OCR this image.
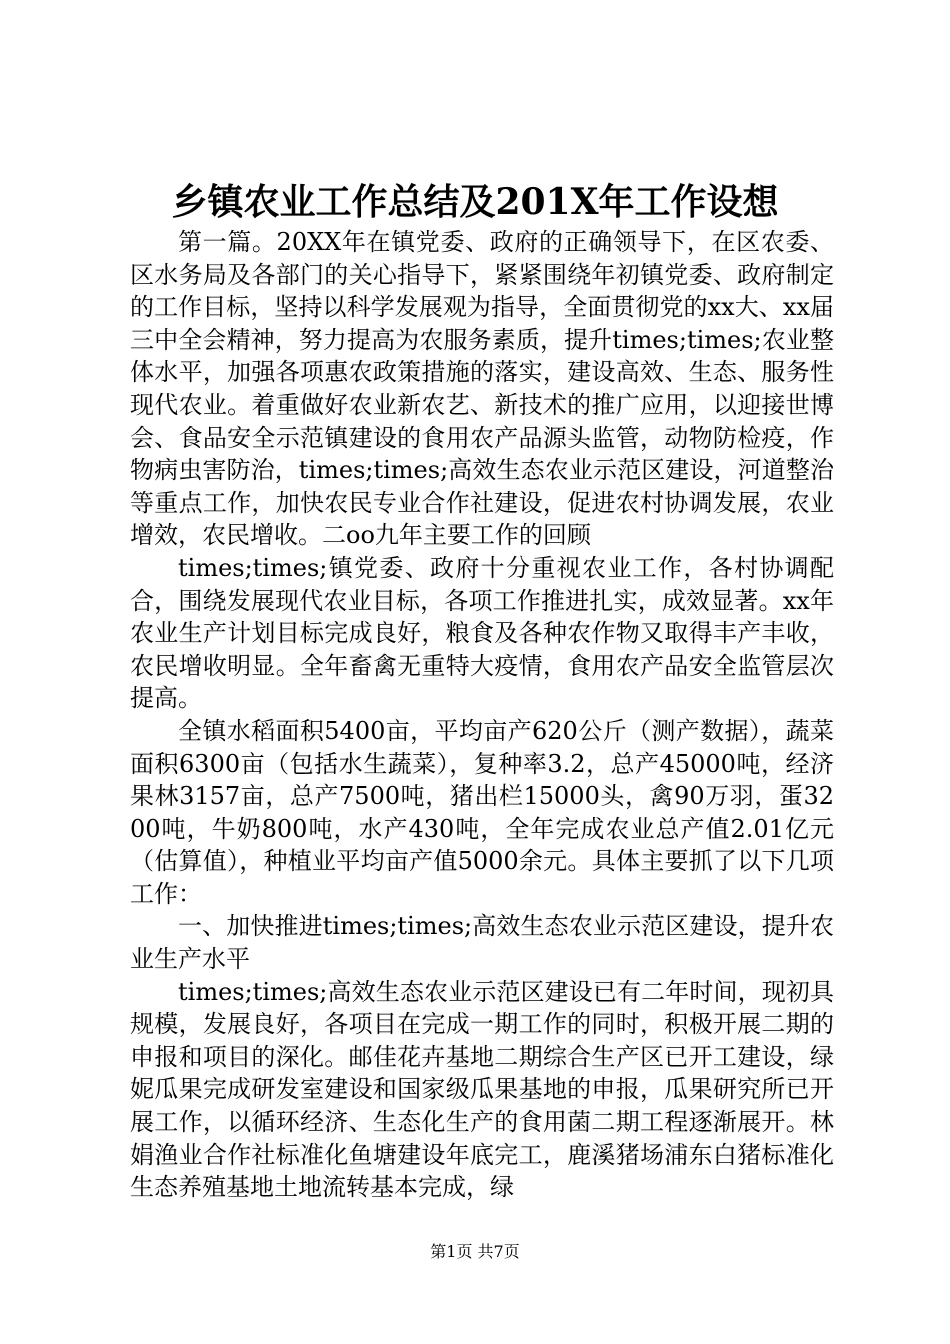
乡镇农业工作总结及201X年工作设想

第一篇。20XX年在镇党委、政府的正确领导下，在区农委、区水务局及各部门的关心指导下，紧紧围绕年初镇党委、政府制定的工作目标，坚持以科学发展观为指导，全面贯彻党的xx大、xx届三中全会精神，努力提高为农服务素质，提升times;times;农业整体水平，加强各项惠农政策措施的落实，建设高效、生态、服务性现代农业。着重做好农业新农艺、新技术的推广应用，以迎接世博会、食品安全示范镇建设的食用农产品源头监管，动物防检疫，作物病虫害防治，times;times;高效生态农业示范区建设，河道整治等重点工作，加快农民专业合作社建设，促进农村协调发展，农业增效，农民增收。二oo九年主要工作的回顾

times;times;镇党委、政府十分重视农业工作，各村协调配合，围绕发展现代农业目标，各项工作推进扎实，成效显著。xx年农业生产计划目标完成良好，粮食及各种农作物又取得丰产丰收，农民增收明显。全年畜禽无重特大疫情，食用农产品安全监管层次提高。

全镇水稻面积5400亩，平均亩产620公斤（测产数据），蔬菜面积6300亩（包括水生蔬菜），复种率3.2，总产45000吨，经济果林3157亩，总产7500吨，猪出栏15000头，禽90万羽，蛋3200吨，牛奶800吨，水产430吨，全年完成农业总产值2.01亿元（估算值），种植业平均亩产值5000余元。具体主要抓了以下几项工作：

一、加快推进times;times;高效生态农业示范区建设，提升农业生产水平

times;times;高效生态农业示范区建设已有二年时间，现初具规模，发展良好，各项目在完成一期工作的同时，积极开展二期的申报和项目的深化。邮佳花卉基地二期综合生产区已开工建设，绿妮瓜果完成研发室建设和国家级瓜果基地的申报，瓜果研究所已开展工作，以循环经济、生态化生产的食用菌二期工程逐渐展开。林娟渔业合作社标准化鱼塘建设年底完工，鹿溪猪场浦东白猪标准化生态养殖基地土地流转基本完成，绿

第1页 共7页
